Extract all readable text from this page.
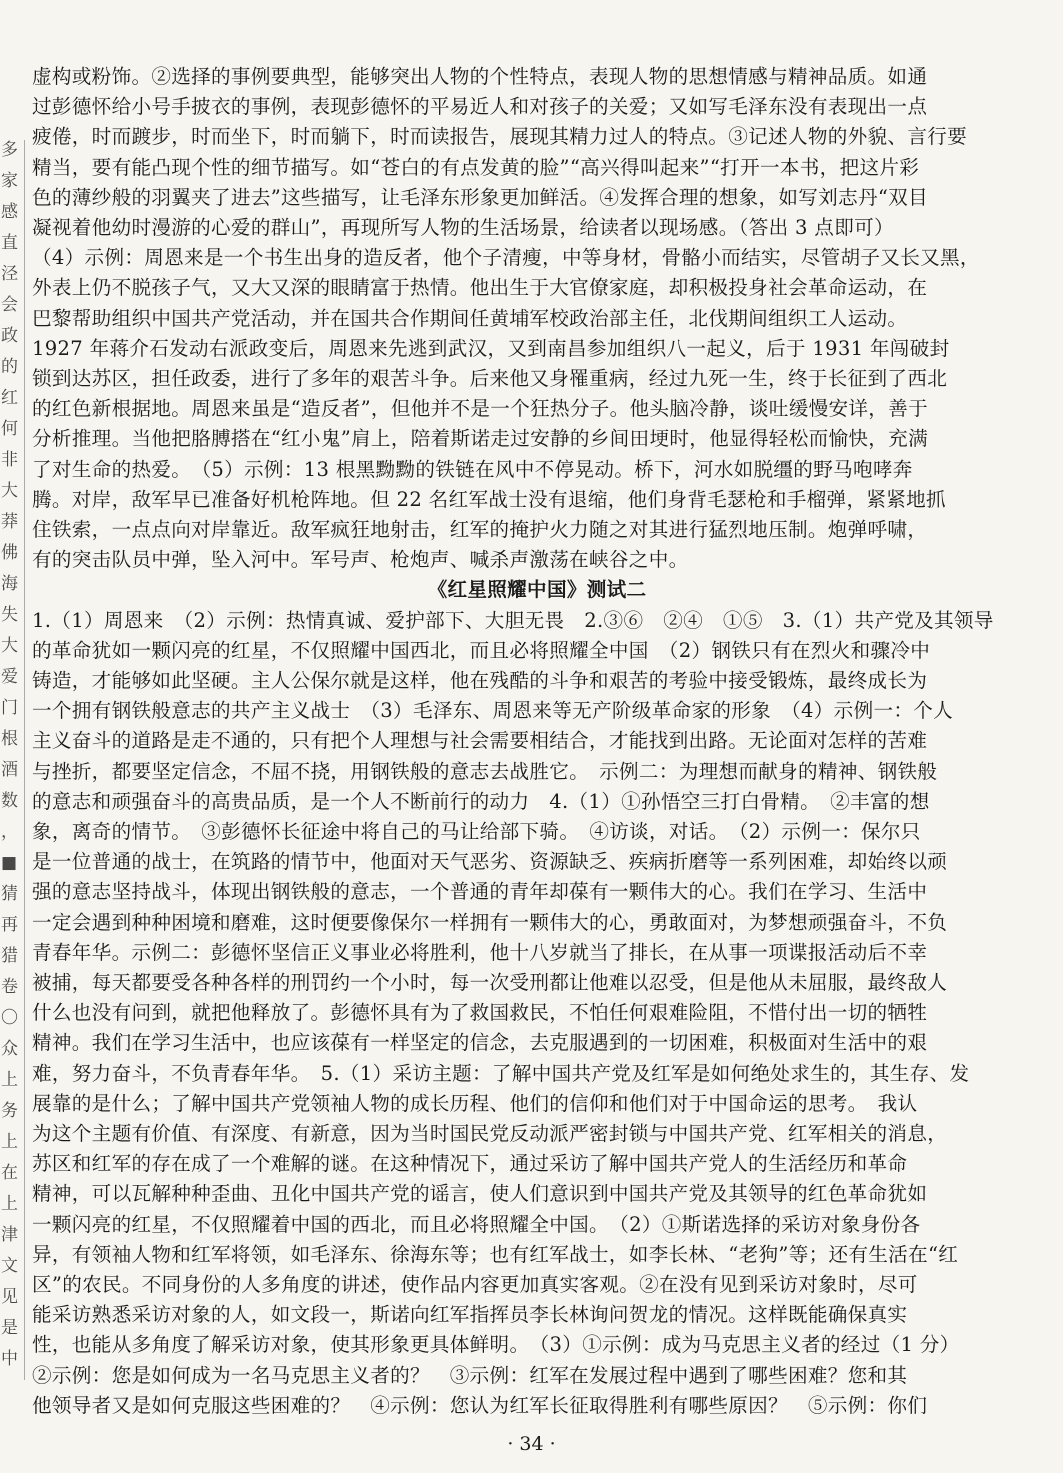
多
家
感
直
泾
会
政
的
红
何
非
大
莽
佛
海
失
大
爱
门
根
酒
数
，
■
猜
再
猎
卷
〇
众
上
务
上
在
上
津
文
见
是
中
虚构或粉饰。②选择的事例要典型，能够突出人物的个性特点，表现人物的思想情感与精神品质。如通
过彭德怀给小号手披衣的事例，表现彭德怀的平易近人和对孩子的关爱；又如写毛泽东没有表现出一点
疲倦，时而踱步，时而坐下，时而躺下，时而读报告，展现其精力过人的特点。③记述人物的外貌、言行要
精当，要有能凸现个性的细节描写。如“苍白的有点发黄的脸”“高兴得叫起来”“打开一本书，把这片彩
色的薄纱般的羽翼夹了进去”这些描写，让毛泽东形象更加鲜活。④发挥合理的想象，如写刘志丹“双目
凝视着他幼时漫游的心爱的群山”，再现所写人物的生活场景，给读者以现场感。（答出 3 点即可）
（4）示例：周恩来是一个书生出身的造反者，他个子清瘦，中等身材，骨骼小而结实，尽管胡子又长又黑，
外表上仍不脱孩子气，又大又深的眼睛富于热情。他出生于大官僚家庭，却积极投身社会革命运动，在
巴黎帮助组织中国共产党活动，并在国共合作期间任黄埔军校政治部主任，北伐期间组织工人运动。
1927 年蒋介石发动右派政变后，周恩来先逃到武汉，又到南昌参加组织八一起义，后于 1931 年闯破封
锁到达苏区，担任政委，进行了多年的艰苦斗争。后来他又身罹重病，经过九死一生，终于长征到了西北
的红色新根据地。周恩来虽是“造反者”，但他并不是一个狂热分子。他头脑冷静，谈吐缓慢安详，善于
分析推理。当他把胳膊搭在“红小鬼”肩上，陪着斯诺走过安静的乡间田埂时，他显得轻松而愉快，充满
了对生命的热爱。　（5）示例：13 根黑黝黝的铁链在风中不停晃动。桥下，河水如脱缰的野马咆哮奔
腾。对岸，敌军早已准备好机枪阵地。但 22 名红军战士没有退缩，他们身背毛瑟枪和手榴弹，紧紧地抓
住铁索，一点点向对岸靠近。敌军疯狂地射击，红军的掩护火力随之对其进行猛烈地压制。炮弹呼啸，
有的突击队员中弹，坠入河中。军号声、枪炮声、喊杀声激荡在峡谷之中。
《红星照耀中国》测试二
1.（1）周恩来　（2）示例：热情真诚、爱护部下、大胆无畏　2.③⑥　②④　①⑤　3.（1）共产党及其领导
的革命犹如一颗闪亮的红星，不仅照耀中国西北，而且必将照耀全中国　（2）钢铁只有在烈火和骤冷中
铸造，才能够如此坚硬。主人公保尔就是这样，他在残酷的斗争和艰苦的考验中接受锻炼，最终成长为
一个拥有钢铁般意志的共产主义战士　（3）毛泽东、周恩来等无产阶级革命家的形象　（4）示例一：个人
主义奋斗的道路是走不通的，只有把个人理想与社会需要相结合，才能找到出路。无论面对怎样的苦难
与挫折，都要坚定信念，不屈不挠，用钢铁般的意志去战胜它。　示例二：为理想而献身的精神、钢铁般
的意志和顽强奋斗的高贵品质，是一个人不断前行的动力　4.（1）①孙悟空三打白骨精。　②丰富的想
象，离奇的情节。　③彭德怀长征途中将自己的马让给部下骑。　④访谈，对话。　（2）示例一：保尔只
是一位普通的战士，在筑路的情节中，他面对天气恶劣、资源缺乏、疾病折磨等一系列困难，却始终以顽
强的意志坚持战斗，体现出钢铁般的意志，一个普通的青年却葆有一颗伟大的心。我们在学习、生活中
一定会遇到种种困境和磨难，这时便要像保尔一样拥有一颗伟大的心，勇敢面对，为梦想顽强奋斗，不负
青春年华。示例二：彭德怀坚信正义事业必将胜利，他十八岁就当了排长，在从事一项谍报活动后不幸
被捕，每天都要受各种各样的刑罚约一个小时，每一次受刑都让他难以忍受，但是他从未屈服，最终敌人
什么也没有问到，就把他释放了。彭德怀具有为了救国救民，不怕任何艰难险阻，不惜付出一切的牺牲
精神。我们在学习生活中，也应该葆有一样坚定的信念，去克服遇到的一切困难，积极面对生活中的艰
难，努力奋斗，不负青春年华。　5.（1）采访主题：了解中国共产党及红军是如何绝处求生的，其生存、发
展靠的是什么；了解中国共产党领袖人物的成长历程、他们的信仰和他们对于中国命运的思考。　我认
为这个主题有价值、有深度、有新意，因为当时国民党反动派严密封锁与中国共产党、红军相关的消息，
苏区和红军的存在成了一个难解的谜。在这种情况下，通过采访了解中国共产党人的生活经历和革命
精神，可以瓦解种种歪曲、丑化中国共产党的谣言，使人们意识到中国共产党及其领导的红色革命犹如
一颗闪亮的红星，不仅照耀着中国的西北，而且必将照耀全中国。　（2）①斯诺选择的采访对象身份各
异，有领袖人物和红军将领，如毛泽东、徐海东等；也有红军战士，如李长林、“老狗”等；还有生活在“红
区”的农民。不同身份的人多角度的讲述，使作品内容更加真实客观。②在没有见到采访对象时，尽可
能采访熟悉采访对象的人，如文段一，斯诺向红军指挥员李长林询问贺龙的情况。这样既能确保真实
性，也能从多角度了解采访对象，使其形象更具体鲜明。　（3）①示例：成为马克思主义者的经过（1 分）
②示例：您是如何成为一名马克思主义者的？　③示例：红军在发展过程中遇到了哪些困难？您和其
他领导者又是如何克服这些困难的？　④示例：您认为红军长征取得胜利有哪些原因？　⑤示例：你们
· 34 ·
